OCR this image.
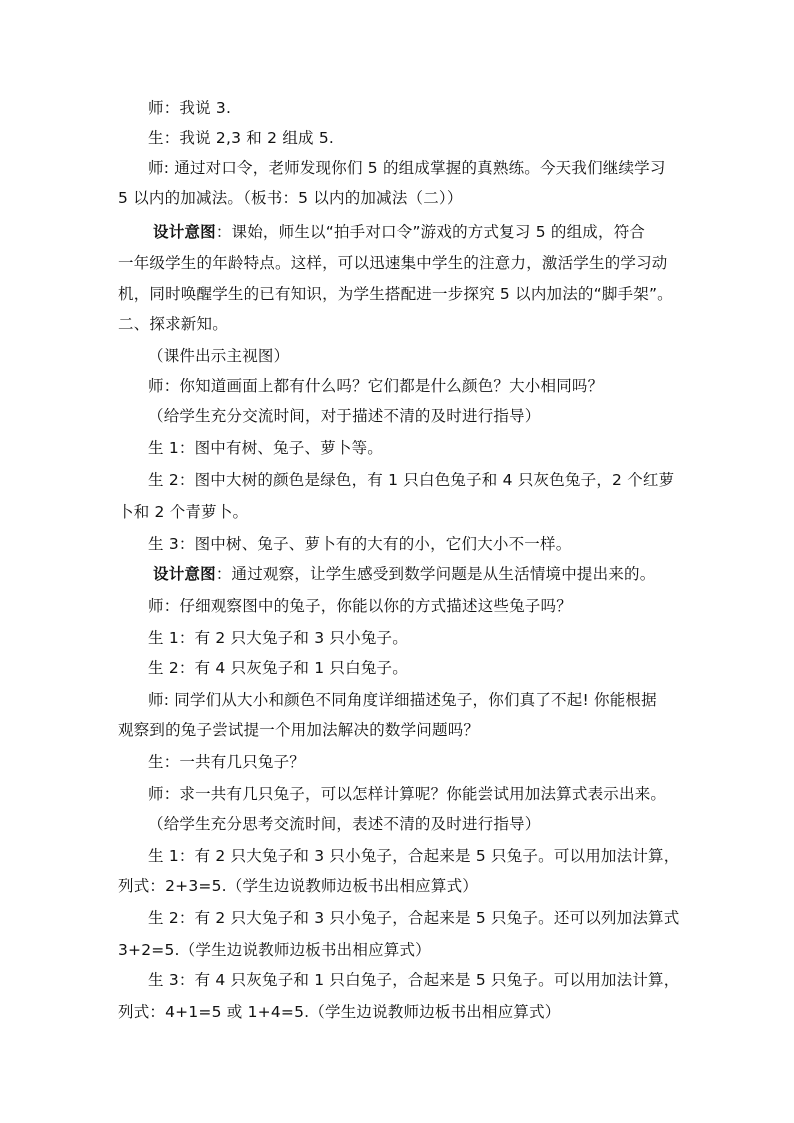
师：我说 3.
生：我说 2,3 和 2 组成 5.
师: 通过对口令，老师发现你们 5 的组成掌握的真熟练。今天我们继续学习
5 以内的加减法。（板书：5 以内的加减法（二））
设计意图：课始，师生以“拍手对口令”游戏的方式复习 5 的组成，符合
一年级学生的年龄特点。这样，可以迅速集中学生的注意力，激活学生的学习动
机，同时唤醒学生的已有知识，为学生搭配进一步探究 5 以内加法的“脚手架”。
二、探求新知。
（课件出示主视图）
师：你知道画面上都有什么吗？它们都是什么颜色？大小相同吗？
（给学生充分交流时间，对于描述不清的及时进行指导）
生 1：图中有树、兔子、萝卜等。
生 2：图中大树的颜色是绿色，有 1 只白色兔子和 4 只灰色兔子，2 个红萝
卜和 2 个青萝卜。
生 3：图中树、兔子、萝卜有的大有的小，它们大小不一样。
设计意图：通过观察，让学生感受到数学问题是从生活情境中提出来的。
师：仔细观察图中的兔子，你能以你的方式描述这些兔子吗？
生 1：有 2 只大兔子和 3 只小兔子。
生 2：有 4 只灰兔子和 1 只白兔子。
师: 同学们从大小和颜色不同角度详细描述兔子，你们真了不起! 你能根据
观察到的兔子尝试提一个用加法解决的数学问题吗？
生：一共有几只兔子？
师：求一共有几只兔子，可以怎样计算呢？你能尝试用加法算式表示出来。
（给学生充分思考交流时间，表述不清的及时进行指导）
生 1：有 2 只大兔子和 3 只小兔子，合起来是 5 只兔子。可以用加法计算，
列式：2+3=5.（学生边说教师边板书出相应算式）
生 2：有 2 只大兔子和 3 只小兔子，合起来是 5 只兔子。还可以列加法算式
3+2=5.（学生边说教师边板书出相应算式）
生 3：有 4 只灰兔子和 1 只白兔子，合起来是 5 只兔子。可以用加法计算，
列式：4+1=5 或 1+4=5.（学生边说教师边板书出相应算式）
